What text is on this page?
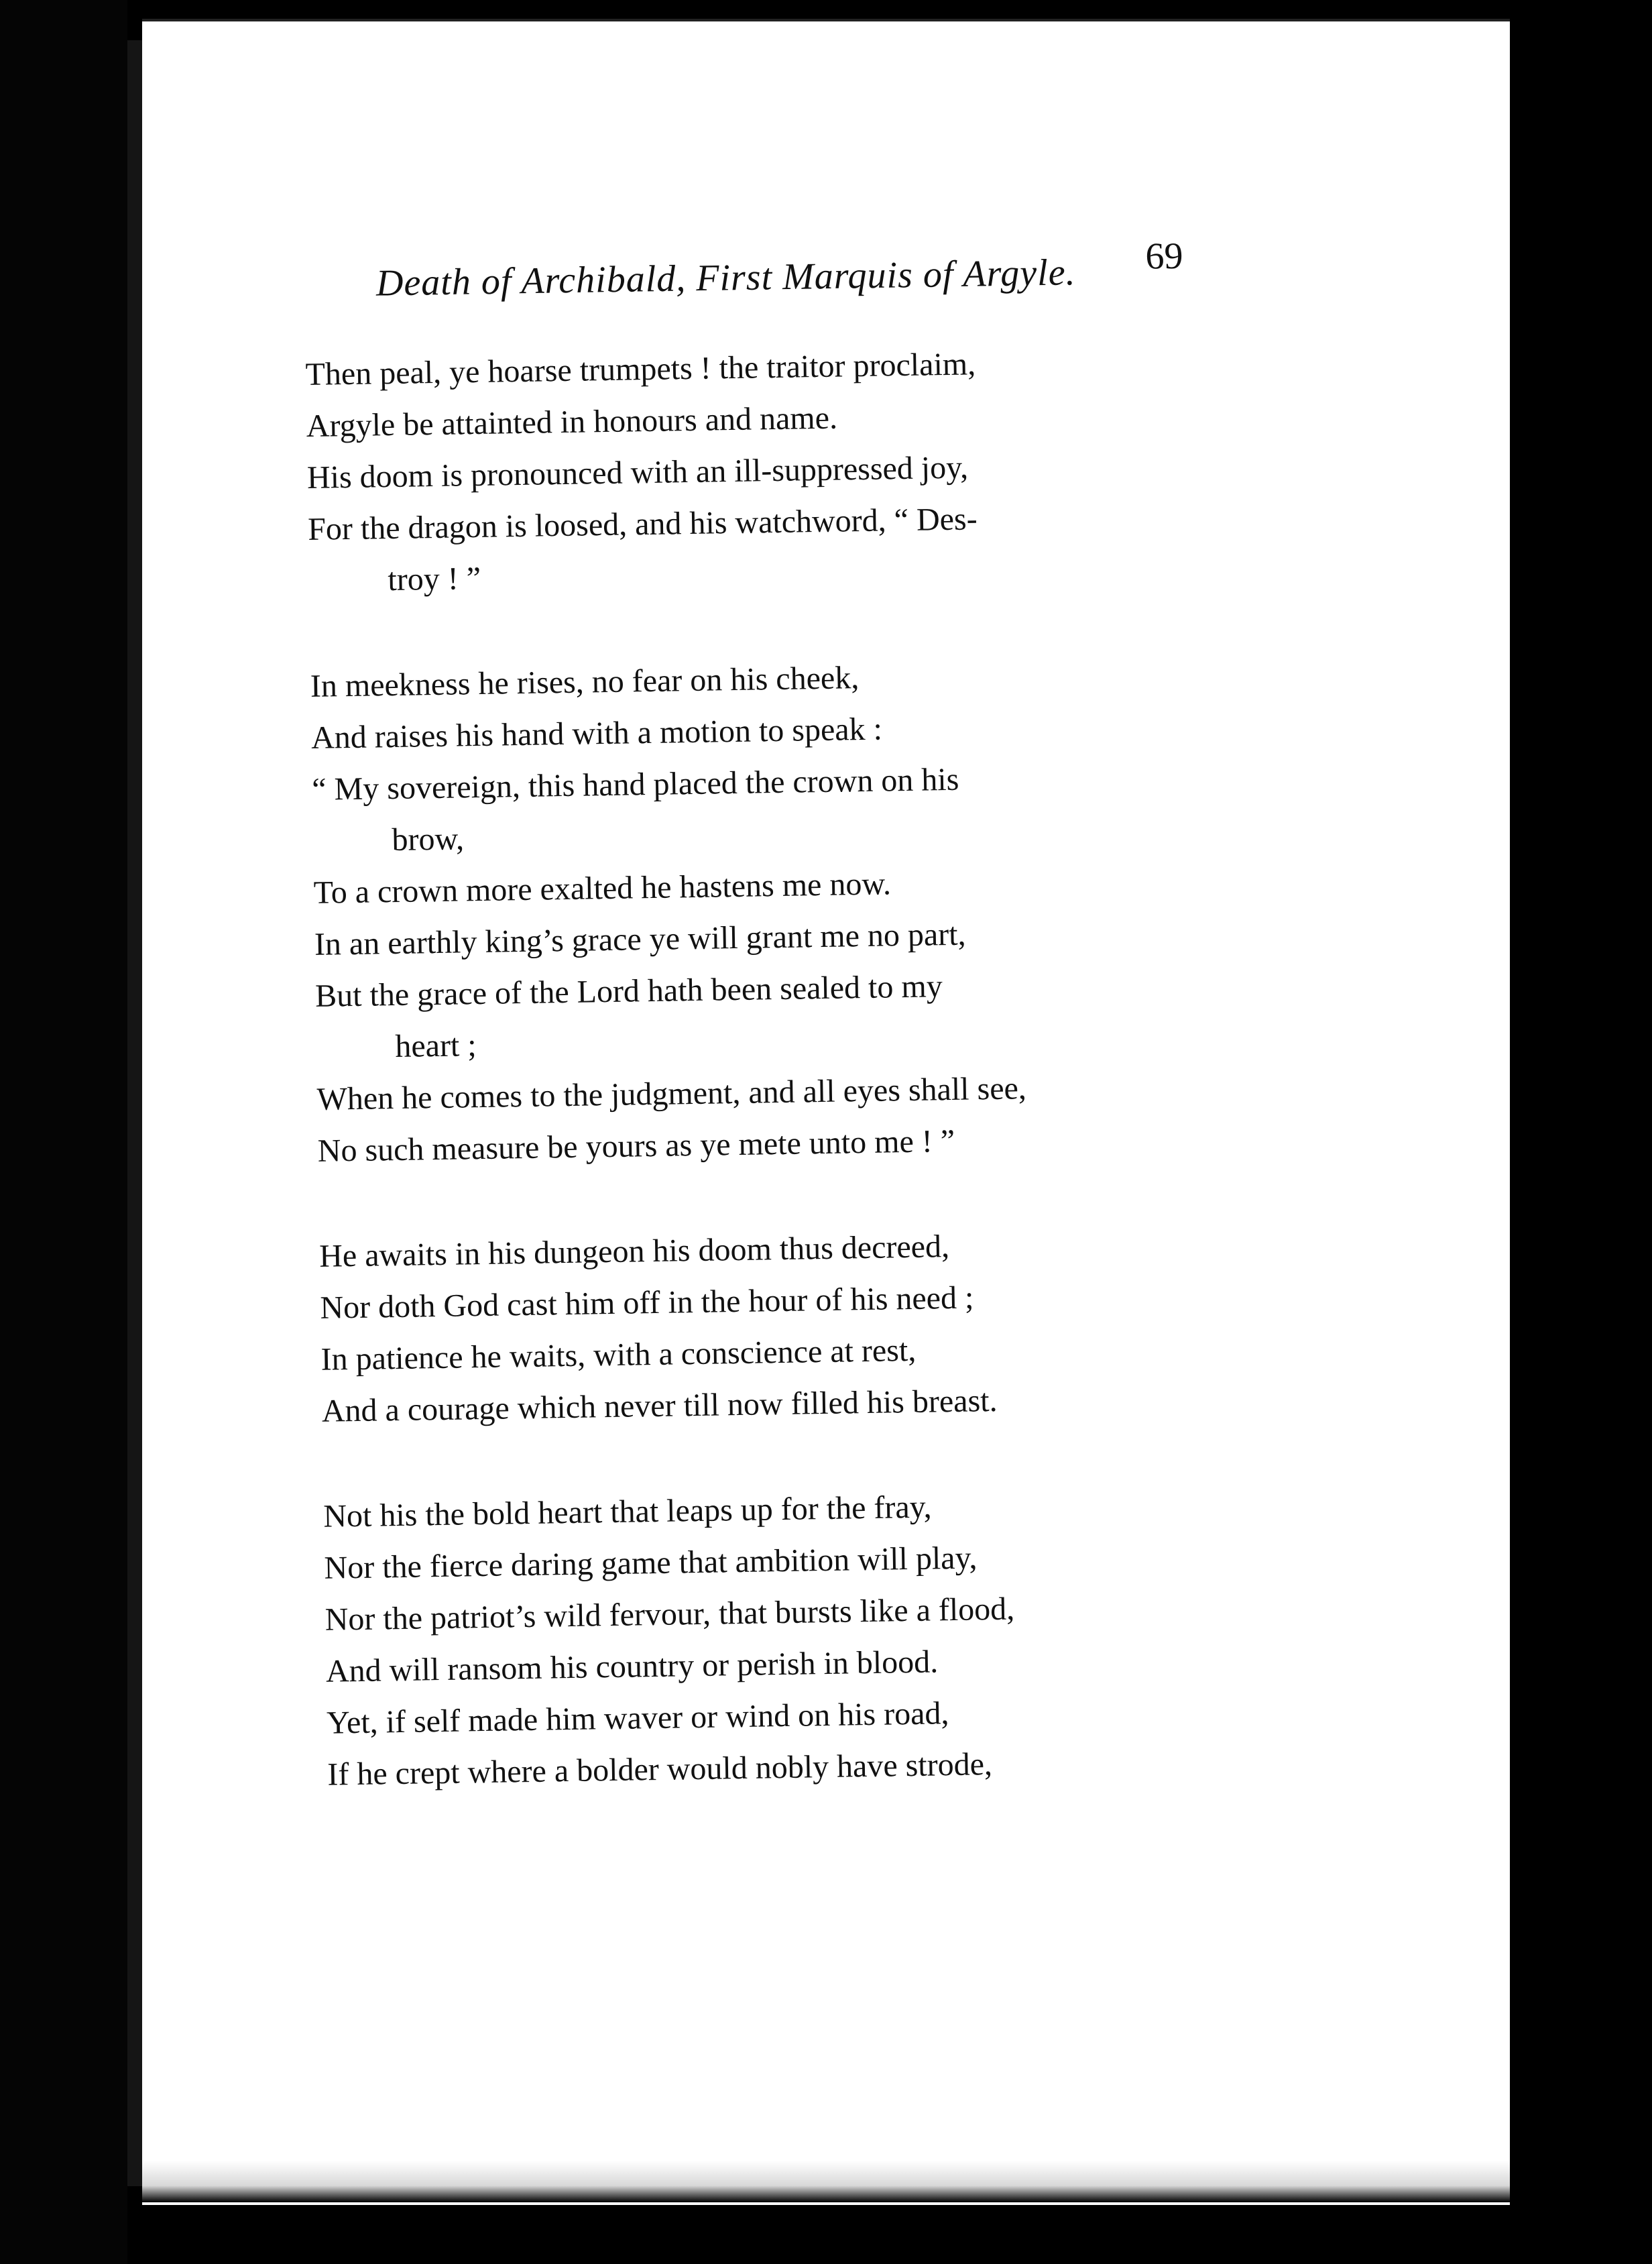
Death of Archibald, First Marquis of Argyle. 69
Then peal, ye hoarse trumpets ! the traitor proclaim,
Argyle be attainted in honours and name.
His doom is pronounced with an ill-suppressed joy,
For the dragon is loosed, and his watchword, “ Des-
troy ! ”
In meekness he rises, no fear on his cheek,
And raises his hand with a motion to speak :
“ My sovereign, this hand placed the crown on his
brow,
To a crown more exalted he hastens me now.
In an earthly king’s grace ye will grant me no part,
But the grace of the Lord hath been sealed to my
heart ;
When he comes to the judgment, and all eyes shall see,
No such measure be yours as ye mete unto me ! ”
He awaits in his dungeon his doom thus decreed,
Nor doth God cast him off in the hour of his need ;
In patience he waits, with a conscience at rest,
And a courage which never till now filled his breast.
Not his the bold heart that leaps up for the fray,
Nor the fierce daring game that ambition will play,
Nor the patriot’s wild fervour, that bursts like a flood,
And will ransom his country or perish in blood.
Yet, if self made him waver or wind on his road,
If he crept where a bolder would nobly have strode,
